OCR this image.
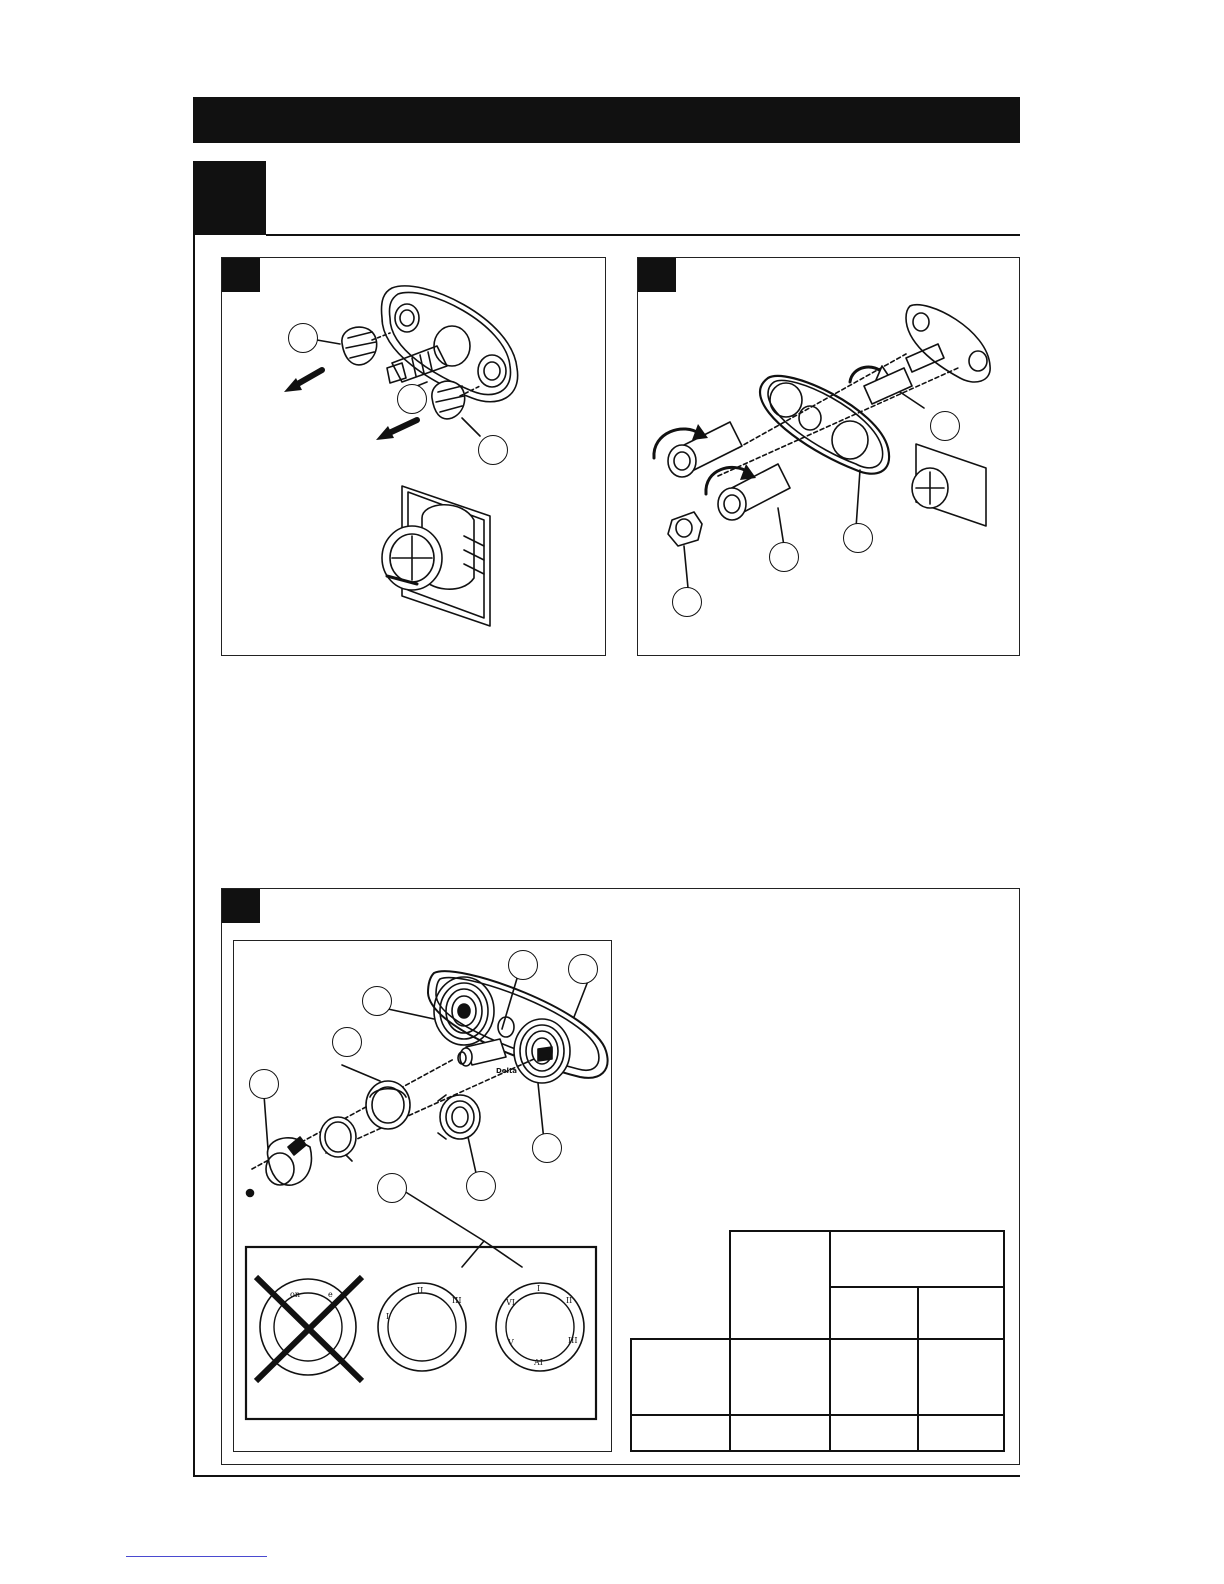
on	e	II
I
III
I
II
III
VI
V
AI
Delta
